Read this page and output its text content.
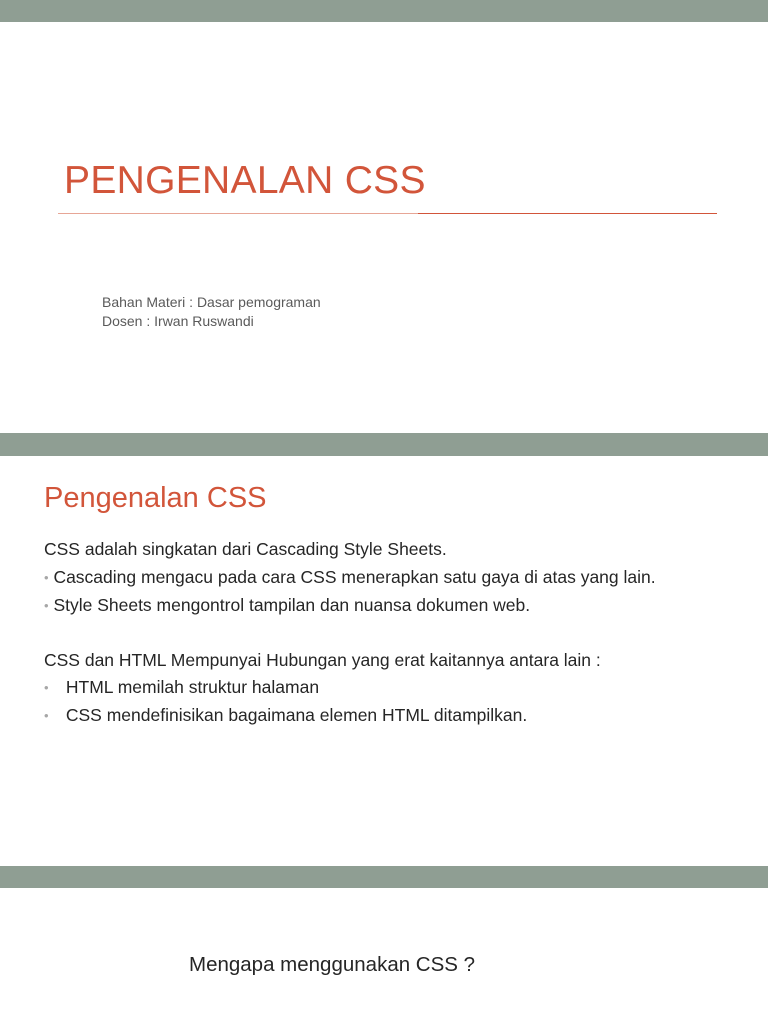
PENGENALAN CSS
Bahan Materi : Dasar pemograman
Dosen : Irwan Ruswandi
Pengenalan CSS
CSS adalah singkatan dari Cascading Style Sheets.
• Cascading mengacu pada cara CSS menerapkan satu gaya di atas yang lain.
• Style Sheets mengontrol tampilan dan nuansa dokumen web.
CSS dan HTML Mempunyai Hubungan yang erat kaitannya antara lain :
• HTML memilah struktur halaman
• CSS mendefinisikan bagaimana elemen HTML ditampilkan.
Mengapa menggunakan CSS ?
